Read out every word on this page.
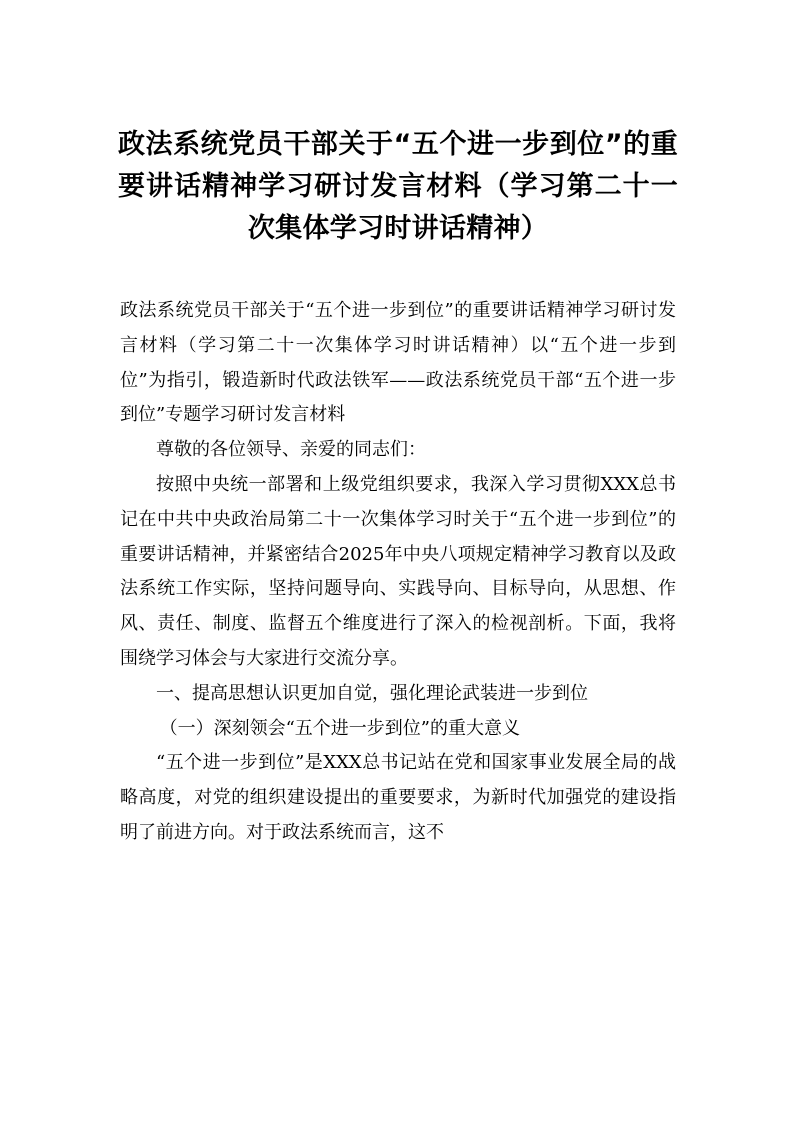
政法系统党员干部关于“五个进一步到位”的重要讲话精神学习研讨发言材料（学习第二十一次集体学习时讲话精神）

政法系统党员干部关于“五个进一步到位”的重要讲话精神学习研讨发言材料（学习第二十一次集体学习时讲话精神）以“五个进一步到位”为指引，锻造新时代政法铁军——政法系统党员干部“五个进一步到位”专题学习研讨发言材料

尊敬的各位领导、亲爱的同志们：

按照中央统一部署和上级党组织要求，我深入学习贯彻XXX总书记在中共中央政治局第二十一次集体学习时关于“五个进一步到位”的重要讲话精神，并紧密结合2025年中央八项规定精神学习教育以及政法系统工作实际，坚持问题导向、实践导向、目标导向，从思想、作风、责任、制度、监督五个维度进行了深入的检视剖析。下面，我将围绕学习体会与大家进行交流分享。

一、提高思想认识更加自觉，强化理论武装进一步到位

（一）深刻领会“五个进一步到位”的重大意义

“五个进一步到位”是XXX总书记站在党和国家事业发展全局的战略高度，对党的组织建设提出的重要要求，为新时代加强党的建设指明了前进方向。对于政法系统而言，这不
